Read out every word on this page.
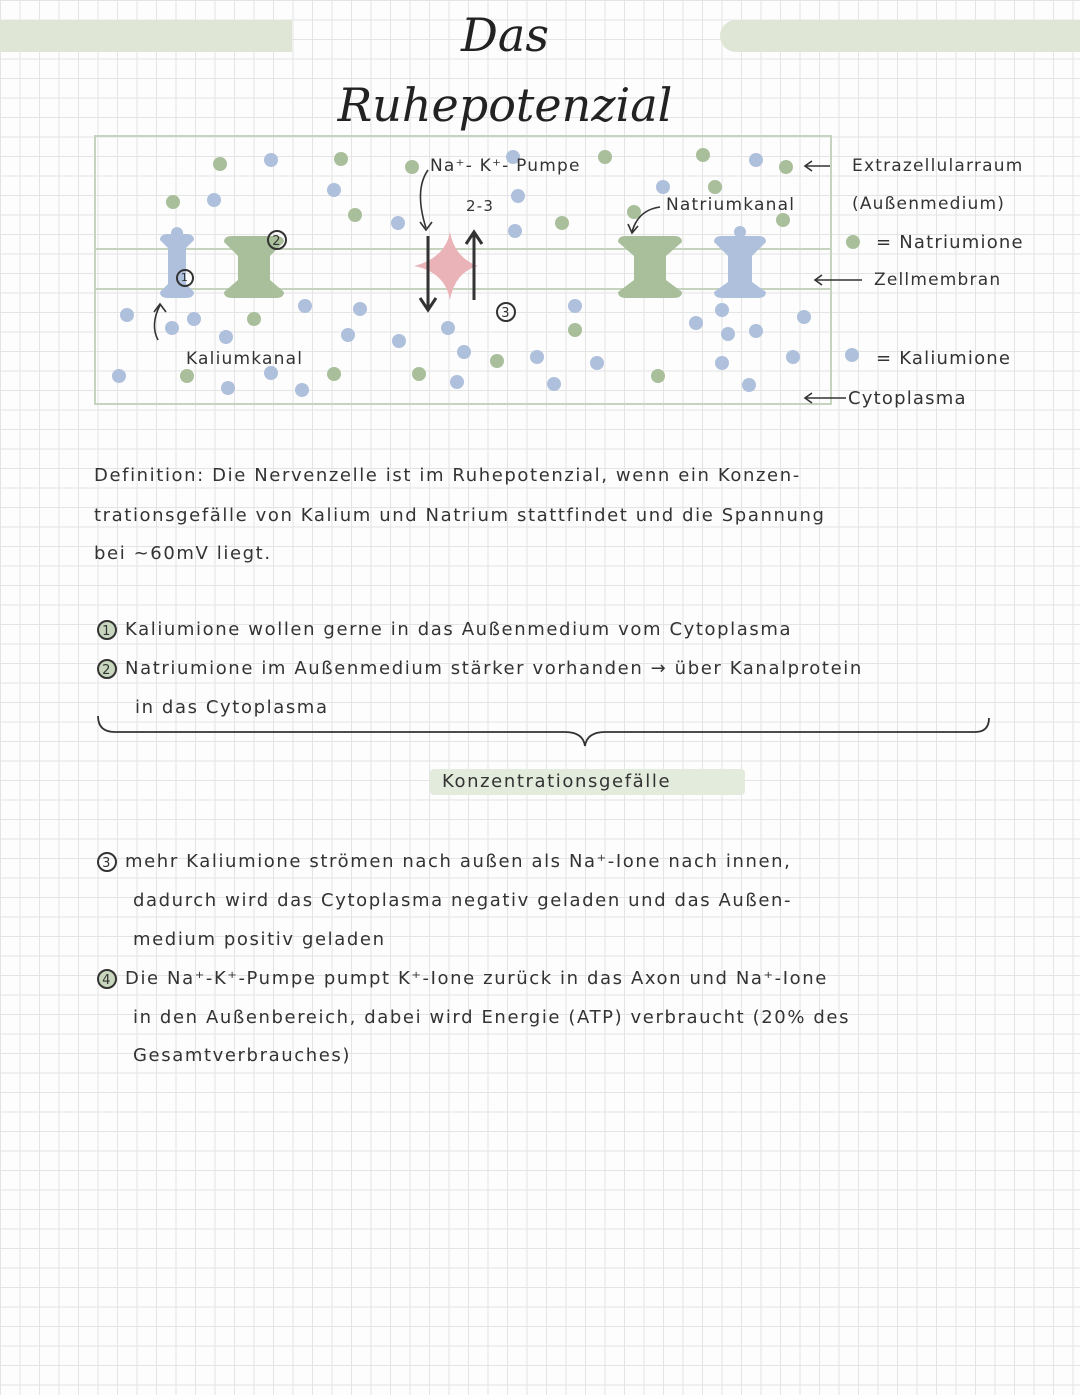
Das Ruhepotenzial
Na⁺- K⁺- Pumpe
2-3	Natriumkanal
Kaliumkanal
1
2
3
Extrazellularraum
(Außenmedium)
= Natriumione
Zellmembran
= Kaliumione
Cytoplasma
Definition: Die Nervenzelle ist im Ruhepotenzial, wenn ein Konzen-
trationsgefälle von Kalium und Natrium stattfindet und die Spannung
bei ~60mV liegt.
1 Kaliumione wollen gerne in das Außenmedium vom Cytoplasma
2 Natriumione im Außenmedium stärker vorhanden → über Kanalprotein
in das Cytoplasma
Konzentrationsgefälle
3 mehr Kaliumione strömen nach außen als Na⁺-Ione nach innen,
dadurch wird das Cytoplasma negativ geladen und das Außen-
medium positiv geladen
4 Die Na⁺-K⁺-Pumpe pumpt K⁺-Ione zurück in das Axon und Na⁺-Ione
in den Außenbereich, dabei wird Energie (ATP) verbraucht (20% des
Gesamtverbrauches)
